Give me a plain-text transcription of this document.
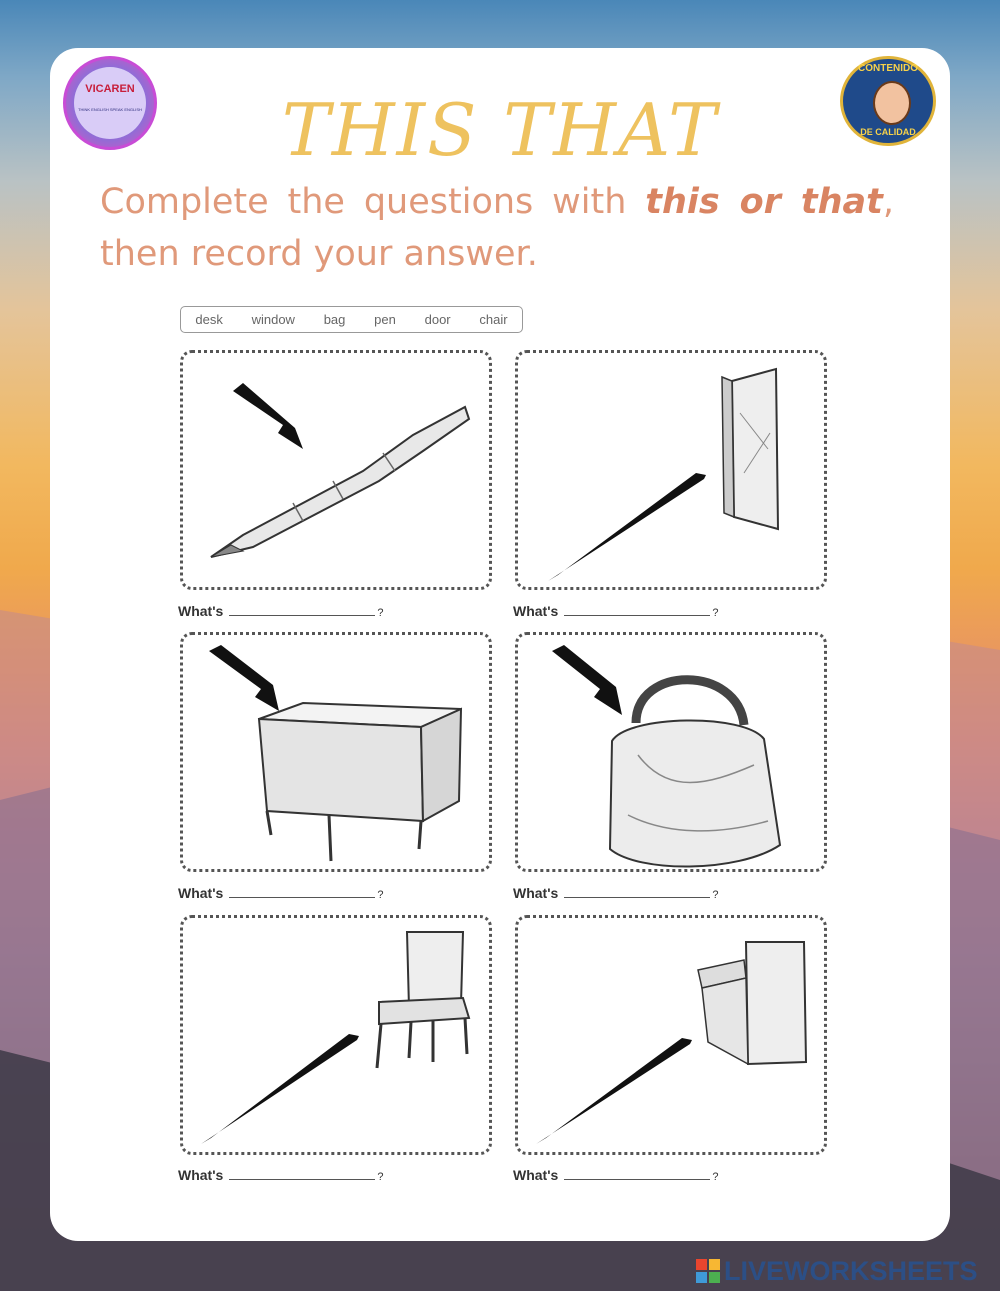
VICAREN
THINK ENGLISH SPEAK ENGLISH
CONTENIDO
DE CALIDAD
THIS THAT
Complete the questions with this or that, then record your answer.
desk window bag pen door chair
What's	?	What's	?
What's	?	What's	?
What's	?	What's	?
LIVEWORKSHEETS
